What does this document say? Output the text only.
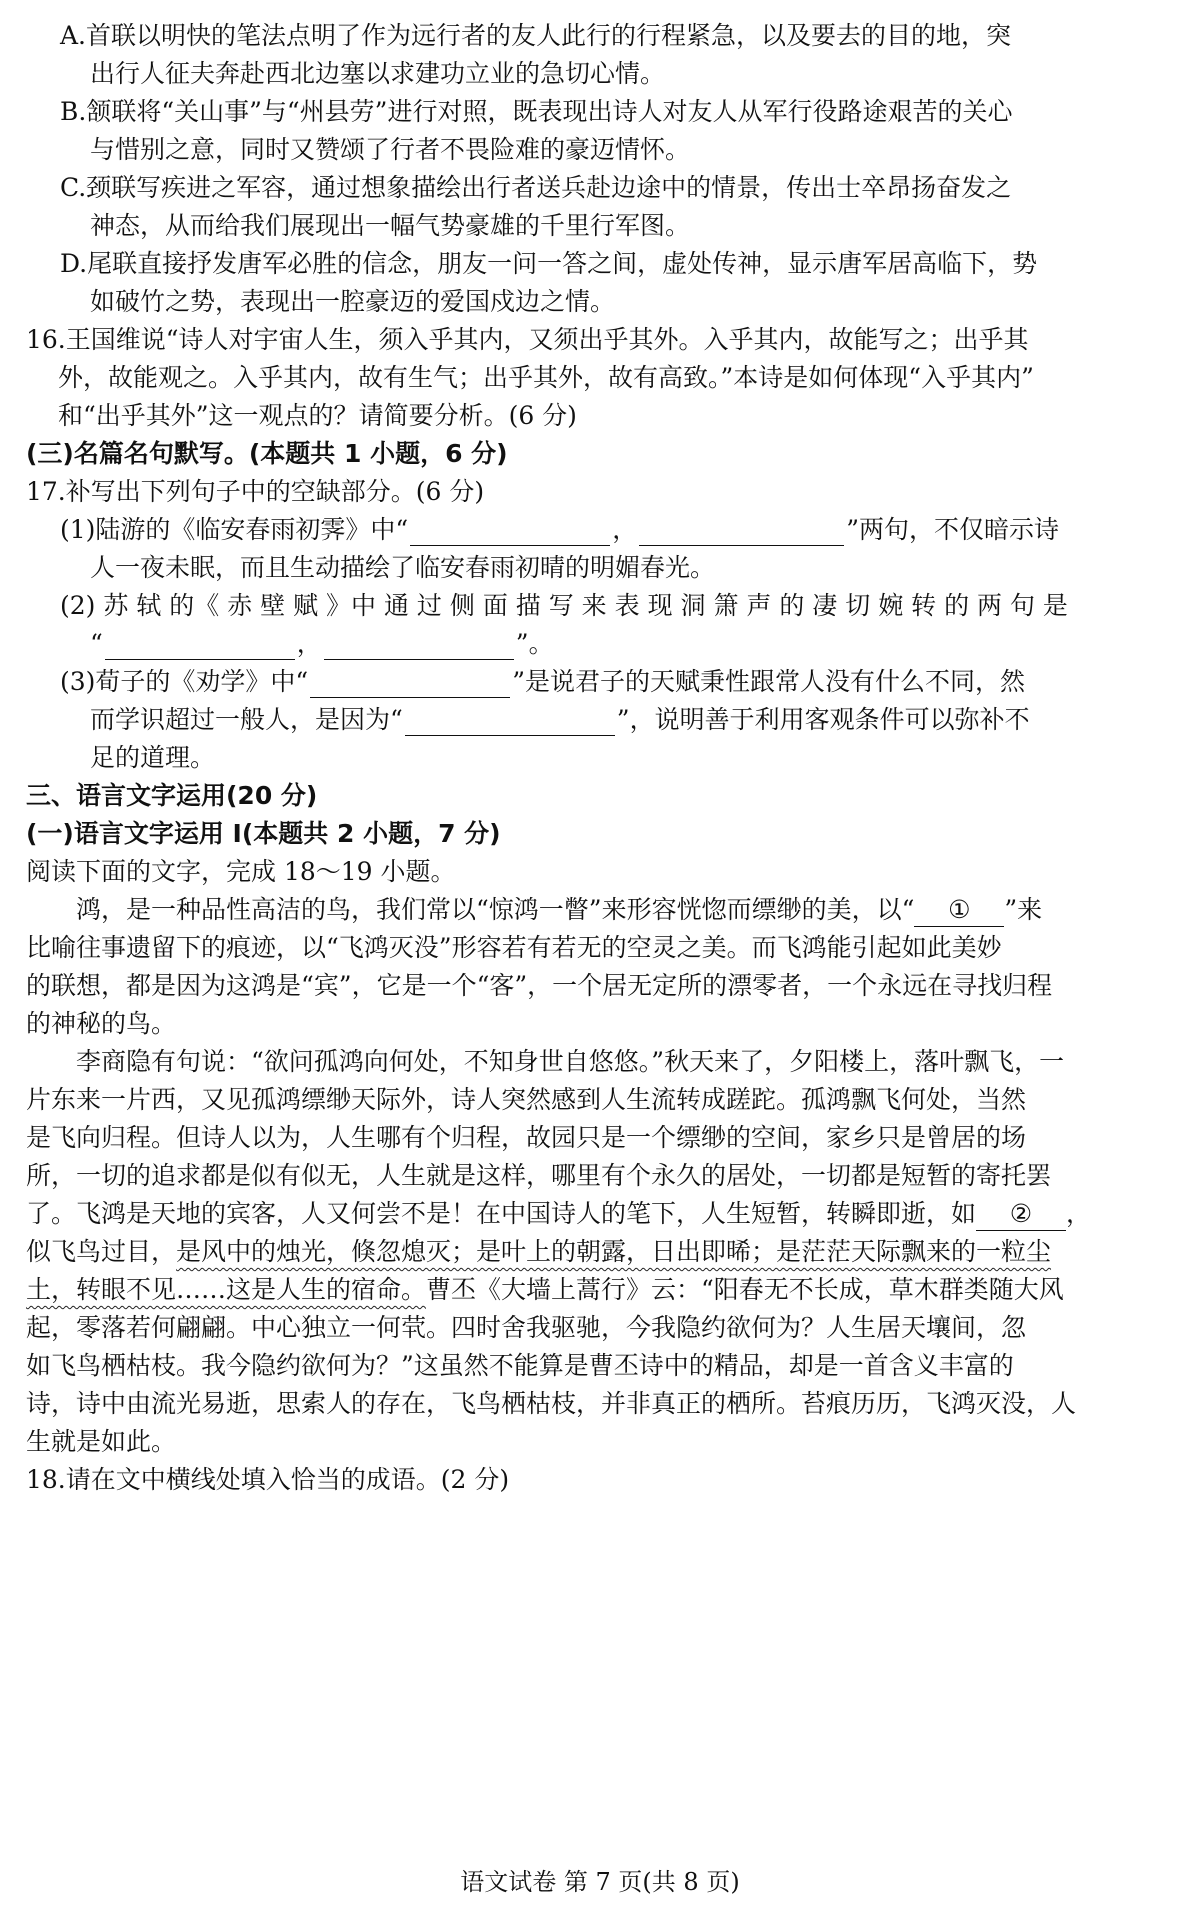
A.首联以明快的笔法点明了作为远行者的友人此行的行程紧急，以及要去的目的地，突
出行人征夫奔赴西北边塞以求建功立业的急切心情。
B.颔联将“关山事”与“州县劳”进行对照，既表现出诗人对友人从军行役路途艰苦的关心
与惜别之意，同时又赞颂了行者不畏险难的豪迈情怀。
C.颈联写疾进之军容，通过想象描绘出行者送兵赴边途中的情景，传出士卒昂扬奋发之
神态，从而给我们展现出一幅气势豪雄的千里行军图。
D.尾联直接抒发唐军必胜的信念，朋友一问一答之间，虚处传神，显示唐军居高临下，势
如破竹之势，表现出一腔豪迈的爱国戍边之情。
16.王国维说“诗人对宇宙人生，须入乎其内，又须出乎其外。入乎其内，故能写之；出乎其
外，故能观之。入乎其内，故有生气；出乎其外，故有高致。”本诗是如何体现“入乎其内”
和“出乎其外”这一观点的？请简要分析。(6 分)
(三)名篇名句默写。(本题共 1 小题，6 分)
17.补写出下列句子中的空缺部分。(6 分)
(1)陆游的《临安春雨初霁》中“	，	”两句，不仅暗示诗
人一夜未眠，而且生动描绘了临安春雨初晴的明媚春光。
(2) 苏 轼 的《 赤 壁 赋 》中 通 过 侧 面 描 写 来 表 现 洞 箫 声 的 凄 切 婉 转 的 两 句 是
“	，	”。
(3)荀子的《劝学》中“	”是说君子的天赋秉性跟常人没有什么不同，然
而学识超过一般人，是因为“	”，说明善于利用客观条件可以弥补不
足的道理。
三、语言文字运用(20 分)
(一)语言文字运用 Ⅰ(本题共 2 小题，7 分)
阅读下面的文字，完成 18～19 小题。
鸿，是一种品性高洁的鸟，我们常以“惊鸿一瞥”来形容恍惚而缥缈的美，以“ ① ”来
比喻往事遗留下的痕迹，以“飞鸿灭没”形容若有若无的空灵之美。而飞鸿能引起如此美妙
的联想，都是因为这鸿是“宾”，它是一个“客”，一个居无定所的漂零者，一个永远在寻找归程
的神秘的鸟。
李商隐有句说：“欲问孤鸿向何处，不知身世自悠悠。”秋天来了，夕阳楼上，落叶飘飞，一
片东来一片西，又见孤鸿缥缈天际外，诗人突然感到人生流转成蹉跎。孤鸿飘飞何处，当然
是飞向归程。但诗人以为，人生哪有个归程，故园只是一个缥缈的空间，家乡只是曾居的场
所，一切的追求都是似有似无，人生就是这样，哪里有个永久的居处，一切都是短暂的寄托罢
了。飞鸿是天地的宾客，人又何尝不是！在中国诗人的笔下，人生短暂，转瞬即逝，如 ② ，
似飞鸟过目，是风中的烛光，倏忽熄灭；是叶上的朝露，日出即晞；是茫茫天际飘来的一粒尘
土，转眼不见……这是人生的宿命。曹丕《大墙上蒿行》云：“阳春无不长成，草木群类随大风
起，零落若何翩翩。中心独立一何茕。四时舍我驱驰，今我隐约欲何为？人生居天壤间，忽
如飞鸟栖枯枝。我今隐约欲何为？”这虽然不能算是曹丕诗中的精品，却是一首含义丰富的
诗，诗中由流光易逝，思索人的存在，飞鸟栖枯枝，并非真正的栖所。苔痕历历，飞鸿灭没，人
生就是如此。
18.请在文中横线处填入恰当的成语。(2 分)
语文试卷 第 7 页(共 8 页)
